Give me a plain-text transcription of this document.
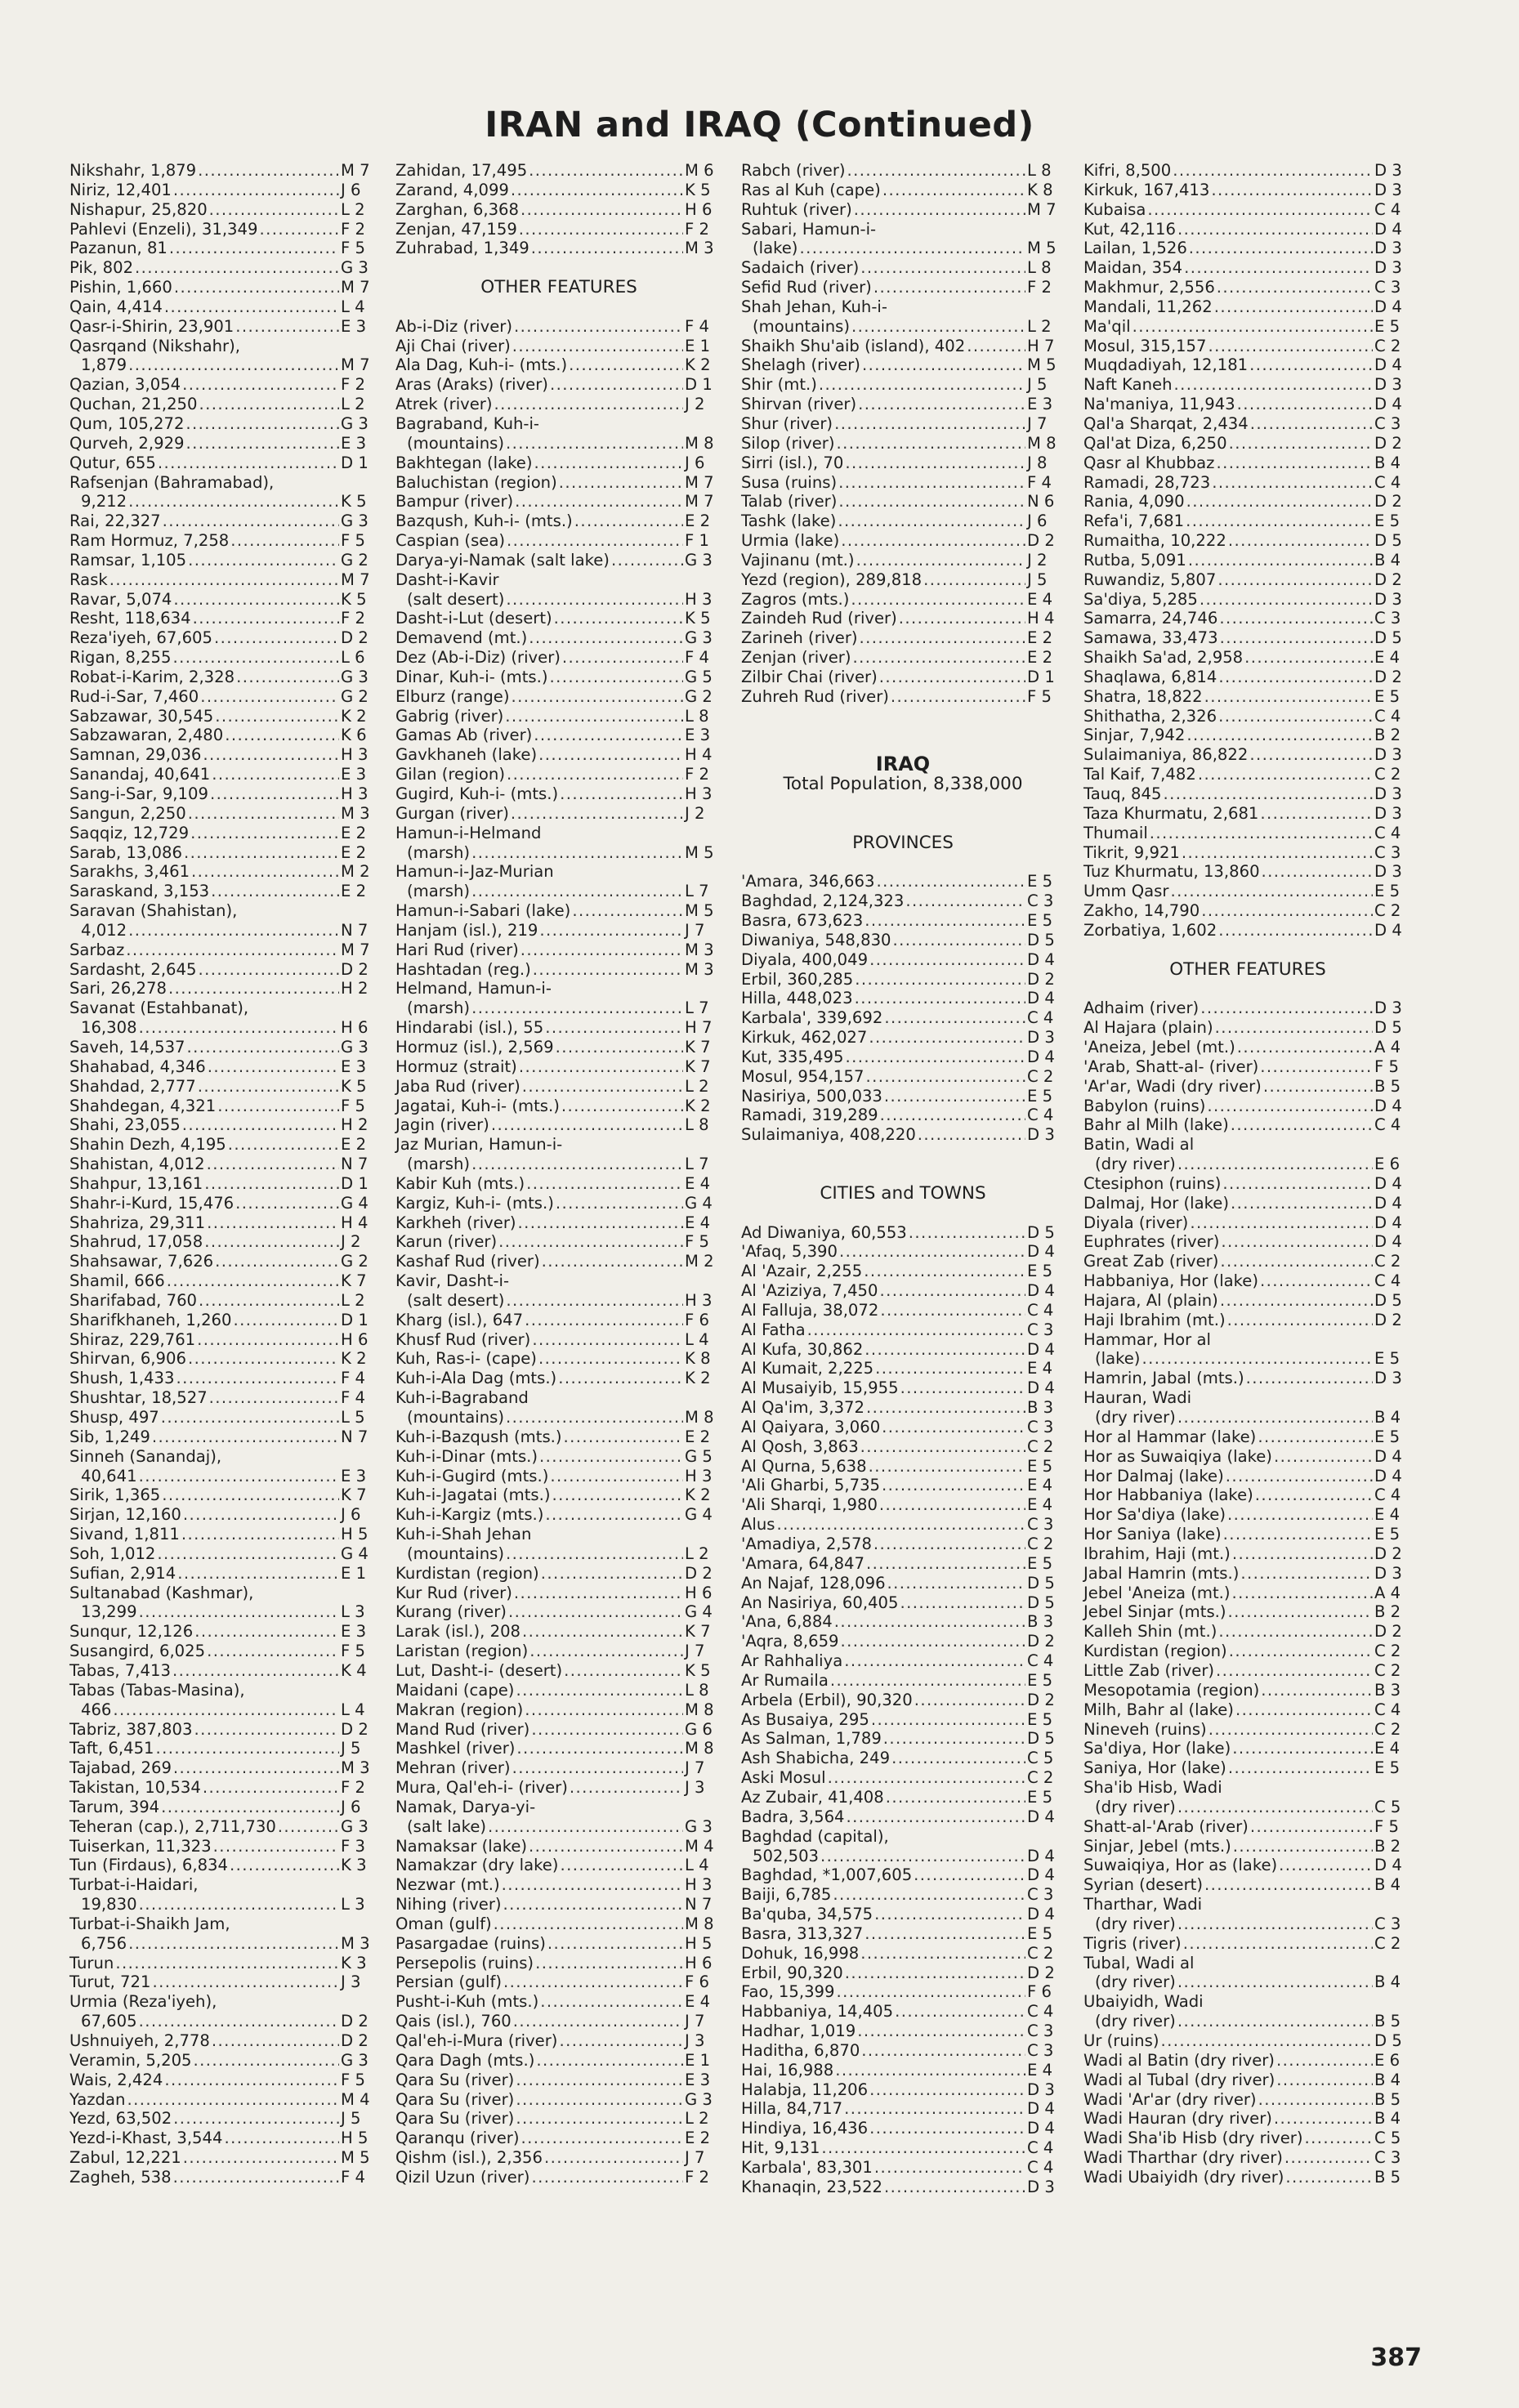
IRAN and IRAQ (Continued)
Nikshahr, 1,879 .....	M 7
Niriz, 12,401 .....	J 6
Nishapur, 25,820 .....	L 2
Pahlevi (Enzeli), 31,349 .....	F 2
Pazanun, 81 .....	F 5
Pik, 802 .....	G 3
Pishin, 1,660 .....	M 7
Qain, 4,414 .....	L 4
Qasr-i-Shirin, 23,901 .....	E 3
Qasrqand (Nikshahr),
1,879 .....	M 7
Qazian, 3,054 .....	F 2
Quchan, 21,250 .....	L 2
Qum, 105,272 .....	G 3
Qurveh, 2,929 .....	E 3
Qutur, 655 .....	D 1
Rafsenjan (Bahramabad),
9,212 .....	K 5
Rai, 22,327 .....	G 3
Ram Hormuz, 7,258 .....	F 5
Ramsar, 1,105 .....	G 2
Rask .....	M 7
Ravar, 5,074 .....	K 5
Resht, 118,634 .....	F 2
Reza'iyeh, 67,605 .....	D 2
Rigan, 8,255 .....	L 6
Robat-i-Karim, 2,328 .....	G 3
Rud-i-Sar, 7,460 .....	G 2
Sabzawar, 30,545 .....	K 2
Sabzawaran, 2,480 .....	K 6
Samnan, 29,036 .....	H 3
Sanandaj, 40,641 .....	E 3
Sang-i-Sar, 9,109 .....	H 3
Sangun, 2,250 .....	M 3
Saqqiz, 12,729 .....	E 2
Sarab, 13,086 .....	E 2
Sarakhs, 3,461 .....	M 2
Saraskand, 3,153 .....	E 2
Saravan (Shahistan),
4,012 .....	N 7
Sarbaz .....	M 7
Sardasht, 2,645 .....	D 2
Sari, 26,278 .....	H 2
Savanat (Estahbanat),
16,308 .....	H 6
Saveh, 14,537 .....	G 3
Shahabad, 4,346 .....	E 3
Shahdad, 2,777 .....	K 5
Shahdegan, 4,321 .....	F 5
Shahi, 23,055 .....	H 2
Shahin Dezh, 4,195 .....	E 2
Shahistan, 4,012 .....	N 7
Shahpur, 13,161 .....	D 1
Shahr-i-Kurd, 15,476 .....	G 4
Shahriza, 29,311 .....	H 4
Shahrud, 17,058 .....	J 2
Shahsawar, 7,626 .....	G 2
Shamil, 666 .....	K 7
Sharifabad, 760 .....	L 2
Sharifkhaneh, 1,260 .....	D 1
Shiraz, 229,761 .....	H 6
Shirvan, 6,906 .....	K 2
Shush, 1,433 .....	F 4
Shushtar, 18,527 .....	F 4
Shusp, 497 .....	L 5
Sib, 1,249 .....	N 7
Sinneh (Sanandaj),
40,641 .....	E 3
Sirik, 1,365 .....	K 7
Sirjan, 12,160 .....	J 6
Sivand, 1,811 .....	H 5
Soh, 1,012 .....	G 4
Sufian, 2,914 .....	E 1
Sultanabad (Kashmar),
13,299 .....	L 3
Sunqur, 12,126 .....	E 3
Susangird, 6,025 .....	F 5
Tabas, 7,413 .....	K 4
Tabas (Tabas-Masina),
466 .....	L 4
Tabriz, 387,803 .....	D 2
Taft, 6,451 .....	J 5
Tajabad, 269 .....	M 3
Takistan, 10,534 .....	F 2
Tarum, 394 .....	J 6
Teheran (cap.), 2,711,730 .....	G 3
Tuiserkan, 11,323 .....	F 3
Tun (Firdaus), 6,834 .....	K 3
Turbat-i-Haidari,
19,830 .....	L 3
Turbat-i-Shaikh Jam,
6,756 .....	M 3
Turun .....	K 3
Turut, 721 .....	J 3
Urmia (Reza'iyeh),
67,605 .....	D 2
Ushnuiyeh, 2,778 .....	D 2
Veramin, 5,205 .....	G 3
Wais, 2,424 .....	F 5
Yazdan .....	M 4
Yezd, 63,502 .....	J 5
Yezd-i-Khast, 3,544 .....	H 5
Zabul, 12,221 .....	M 5
Zagheh, 538 .....	F 4
Zahidan, 17,495 .....	M 6
Zarand, 4,099 .....	K 5
Zarghan, 6,368 .....	H 6
Zenjan, 47,159 .....	F 2
Zuhrabad, 1,349 .....	M 3
OTHER FEATURES
Ab-i-Diz (river) .....	F 4
Aji Chai (river) .....	E 1
Ala Dag, Kuh-i- (mts.) .....	K 2
Aras (Araks) (river) .....	D 1
Atrek (river) .....	J 2
Bagraband, Kuh-i-
(mountains) .....	M 8
Bakhtegan (lake) .....	J 6
Baluchistan (region) .....	M 7
Bampur (river) .....	M 7
Bazqush, Kuh-i- (mts.) .....	E 2
Caspian (sea) .....	F 1
Darya-yi-Namak (salt lake) .....	G 3
Dasht-i-Kavir
(salt desert) .....	H 3
Dasht-i-Lut (desert) .....	K 5
Demavend (mt.) .....	G 3
Dez (Ab-i-Diz) (river) .....	F 4
Dinar, Kuh-i- (mts.) .....	G 5
Elburz (range) .....	G 2
Gabrig (river) .....	L 8
Gamas Ab (river) .....	E 3
Gavkhaneh (lake) .....	H 4
Gilan (region) .....	F 2
Gugird, Kuh-i- (mts.) .....	H 3
Gurgan (river) .....	J 2
Hamun-i-Helmand
(marsh) .....	M 5
Hamun-i-Jaz-Murian
(marsh) .....	L 7
Hamun-i-Sabari (lake) .....	M 5
Hanjam (isl.), 219 .....	J 7
Hari Rud (river) .....	M 3
Hashtadan (reg.) .....	M 3
Helmand, Hamun-i-
(marsh) .....	L 7
Hindarabi (isl.), 55 .....	H 7
Hormuz (isl.), 2,569 .....	K 7
Hormuz (strait) .....	K 7
Jaba Rud (river) .....	L 2
Jagatai, Kuh-i- (mts.) .....	K 2
Jagin (river) .....	L 8
Jaz Murian, Hamun-i-
(marsh) .....	L 7
Kabir Kuh (mts.) .....	E 4
Kargiz, Kuh-i- (mts.) .....	G 4
Karkheh (river) .....	E 4
Karun (river) .....	F 5
Kashaf Rud (river) .....	M 2
Kavir, Dasht-i-
(salt desert) .....	H 3
Kharg (isl.), 647 .....	F 6
Khusf Rud (river) .....	L 4
Kuh, Ras-i- (cape) .....	K 8
Kuh-i-Ala Dag (mts.) .....	K 2
Kuh-i-Bagraband
(mountains) .....	M 8
Kuh-i-Bazqush (mts.) .....	E 2
Kuh-i-Dinar (mts.) .....	G 5
Kuh-i-Gugird (mts.) .....	H 3
Kuh-i-Jagatai (mts.) .....	K 2
Kuh-i-Kargiz (mts.) .....	G 4
Kuh-i-Shah Jehan
(mountains) .....	L 2
Kurdistan (region) .....	D 2
Kur Rud (river) .....	H 6
Kurang (river) .....	G 4
Larak (isl.), 208 .....	K 7
Laristan (region) .....	J 7
Lut, Dasht-i- (desert) .....	K 5
Maidani (cape) .....	L 8
Makran (region) .....	M 8
Mand Rud (river) .....	G 6
Mashkel (river) .....	M 8
Mehran (river) .....	J 7
Mura, Qal'eh-i- (river) .....	J 3
Namak, Darya-yi-
(salt lake) .....	G 3
Namaksar (lake) .....	M 4
Namakzar (dry lake) .....	L 4
Nezwar (mt.) .....	H 3
Nihing (river) .....	N 7
Oman (gulf) .....	M 8
Pasargadae (ruins) .....	H 5
Persepolis (ruins) .....	H 6
Persian (gulf) .....	F 6
Pusht-i-Kuh (mts.) .....	E 4
Qais (isl.), 760 .....	J 7
Qal'eh-i-Mura (river) .....	J 3
Qara Dagh (mts.) .....	E 1
Qara Su (river) .....	E 3
Qara Su (river) .....	G 3
Qara Su (river) .....	L 2
Qaranqu (river) .....	E 2
Qishm (isl.), 2,356 .....	J 7
Qizil Uzun (river) .....	F 2
Rabch (river) .....	L 8
Ras al Kuh (cape) .....	K 8
Ruhtuk (river) .....	M 7
Sabari, Hamun-i-
(lake) .....	M 5
Sadaich (river) .....	L 8
Sefid Rud (river) .....	F 2
Shah Jehan, Kuh-i-
(mountains) .....	L 2
Shaikh Shu'aib (island), 402 .....	H 7
Shelagh (river) .....	M 5
Shir (mt.) .....	J 5
Shirvan (river) .....	E 3
Shur (river) .....	J 7
Silop (river) .....	M 8
Sirri (isl.), 70 .....	J 8
Susa (ruins) .....	F 4
Talab (river) .....	N 6
Tashk (lake) .....	J 6
Urmia (lake) .....	D 2
Vajinanu (mt.) .....	J 2
Yezd (region), 289,818 .....	J 5
Zagros (mts.) .....	E 4
Zaindeh Rud (river) .....	H 4
Zarineh (river) .....	E 2
Zenjan (river) .....	E 2
Zilbir Chai (river) .....	D 1
Zuhreh Rud (river) .....	F 5
IRAQ
Total Population, 8,338,000
PROVINCES
'Amara, 346,663 .....	E 5
Baghdad, 2,124,323 .....	C 3
Basra, 673,623 .....	E 5
Diwaniya, 548,830 .....	D 5
Diyala, 400,049 .....	D 4
Erbil, 360,285 .....	D 2
Hilla, 448,023 .....	D 4
Karbala', 339,692 .....	C 4
Kirkuk, 462,027 .....	D 3
Kut, 335,495 .....	D 4
Mosul, 954,157 .....	C 2
Nasiriya, 500,033 .....	E 5
Ramadi, 319,289 .....	C 4
Sulaimaniya, 408,220 .....	D 3
CITIES and TOWNS
Ad Diwaniya, 60,553 .....	D 5
'Afaq, 5,390 .....	D 4
Al 'Azair, 2,255 .....	E 5
Al 'Aziziya, 7,450 .....	D 4
Al Falluja, 38,072 .....	C 4
Al Fatha .....	C 3
Al Kufa, 30,862 .....	D 4
Al Kumait, 2,225 .....	E 4
Al Musaiyib, 15,955 .....	D 4
Al Qa'im, 3,372 .....	B 3
Al Qaiyara, 3,060 .....	C 3
Al Qosh, 3,863 .....	C 2
Al Qurna, 5,638 .....	E 5
'Ali Gharbi, 5,735 .....	E 4
'Ali Sharqi, 1,980 .....	E 4
Alus .....	C 3
'Amadiya, 2,578 .....	C 2
'Amara, 64,847 .....	E 5
An Najaf, 128,096 .....	D 5
An Nasiriya, 60,405 .....	D 5
'Ana, 6,884 .....	B 3
'Aqra, 8,659 .....	D 2
Ar Rahhaliya .....	C 4
Ar Rumaila .....	E 5
Arbela (Erbil), 90,320 .....	D 2
As Busaiya, 295 .....	E 5
As Salman, 1,789 .....	D 5
Ash Shabicha, 249 .....	C 5
Aski Mosul .....	C 2
Az Zubair, 41,408 .....	E 5
Badra, 3,564 .....	D 4
Baghdad (capital),
502,503 .....	D 4
Baghdad, *1,007,605 .....	D 4
Baiji, 6,785 .....	C 3
Ba'quba, 34,575 .....	D 4
Basra, 313,327 .....	E 5
Dohuk, 16,998 .....	C 2
Erbil, 90,320 .....	D 2
Fao, 15,399 .....	F 6
Habbaniya, 14,405 .....	C 4
Hadhar, 1,019 .....	C 3
Haditha, 6,870 .....	C 3
Hai, 16,988 .....	E 4
Halabja, 11,206 .....	D 3
Hilla, 84,717 .....	D 4
Hindiya, 16,436 .....	D 4
Hit, 9,131 .....	C 4
Karbala', 83,301 .....	C 4
Khanaqin, 23,522 .....	D 3
Kifri, 8,500 .....	D 3
Kirkuk, 167,413 .....	D 3
Kubaisa .....	C 4
Kut, 42,116 .....	D 4
Lailan, 1,526 .....	D 3
Maidan, 354 .....	D 3
Makhmur, 2,556 .....	C 3
Mandali, 11,262 .....	D 4
Ma'qil .....	E 5
Mosul, 315,157 .....	C 2
Muqdadiyah, 12,181 .....	D 4
Naft Kaneh .....	D 3
Na'maniya, 11,943 .....	D 4
Qal'a Sharqat, 2,434 .....	C 3
Qal'at Diza, 6,250 .....	D 2
Qasr al Khubbaz .....	B 4
Ramadi, 28,723 .....	C 4
Rania, 4,090 .....	D 2
Refa'i, 7,681 .....	E 5
Rumaitha, 10,222 .....	D 5
Rutba, 5,091 .....	B 4
Ruwandiz, 5,807 .....	D 2
Sa'diya, 5,285 .....	D 3
Samarra, 24,746 .....	C 3
Samawa, 33,473 .....	D 5
Shaikh Sa'ad, 2,958 .....	E 4
Shaqlawa, 6,814 .....	D 2
Shatra, 18,822 .....	E 5
Shithatha, 2,326 .....	C 4
Sinjar, 7,942 .....	B 2
Sulaimaniya, 86,822 .....	D 3
Tal Kaif, 7,482 .....	C 2
Tauq, 845 .....	D 3
Taza Khurmatu, 2,681 .....	D 3
Thumail .....	C 4
Tikrit, 9,921 .....	C 3
Tuz Khurmatu, 13,860 .....	D 3
Umm Qasr .....	E 5
Zakho, 14,790 .....	C 2
Zorbatiya, 1,602 .....	D 4
OTHER FEATURES
Adhaim (river) .....	D 3
Al Hajara (plain) .....	D 5
'Aneiza, Jebel (mt.) .....	A 4
'Arab, Shatt-al- (river) .....	F 5
'Ar'ar, Wadi (dry river) .....	B 5
Babylon (ruins) .....	D 4
Bahr al Milh (lake) .....	C 4
Batin, Wadi al
(dry river) .....	E 6
Ctesiphon (ruins) .....	D 4
Dalmaj, Hor (lake) .....	D 4
Diyala (river) .....	D 4
Euphrates (river) .....	D 4
Great Zab (river) .....	C 2
Habbaniya, Hor (lake) .....	C 4
Hajara, Al (plain) .....	D 5
Haji Ibrahim (mt.) .....	D 2
Hammar, Hor al
(lake) .....	E 5
Hamrin, Jabal (mts.) .....	D 3
Hauran, Wadi
(dry river) .....	B 4
Hor al Hammar (lake) .....	E 5
Hor as Suwaiqiya (lake) .....	D 4
Hor Dalmaj (lake) .....	D 4
Hor Habbaniya (lake) .....	C 4
Hor Sa'diya (lake) .....	E 4
Hor Saniya (lake) .....	E 5
Ibrahim, Haji (mt.) .....	D 2
Jabal Hamrin (mts.) .....	D 3
Jebel 'Aneiza (mt.) .....	A 4
Jebel Sinjar (mts.) .....	B 2
Kalleh Shin (mt.) .....	D 2
Kurdistan (region) .....	C 2
Little Zab (river) .....	C 2
Mesopotamia (region) .....	B 3
Milh, Bahr al (lake) .....	C 4
Nineveh (ruins) .....	C 2
Sa'diya, Hor (lake) .....	E 4
Saniya, Hor (lake) .....	E 5
Sha'ib Hisb, Wadi
(dry river) .....	C 5
Shatt-al-'Arab (river) .....	F 5
Sinjar, Jebel (mts.) .....	B 2
Suwaiqiya, Hor as (lake) .....	D 4
Syrian (desert) .....	B 4
Tharthar, Wadi
(dry river) .....	C 3
Tigris (river) .....	C 2
Tubal, Wadi al
(dry river) .....	B 4
Ubaiyidh, Wadi
(dry river) .....	B 5
Ur (ruins) .....	D 5
Wadi al Batin (dry river) .....	E 6
Wadi al Tubal (dry river) .....	B 4
Wadi 'Ar'ar (dry river) .....	B 5
Wadi Hauran (dry river) .....	B 4
Wadi Sha'ib Hisb (dry river) .....	C 5
Wadi Tharthar (dry river) .....	C 3
Wadi Ubaiyidh (dry river) .....	B 5
387
